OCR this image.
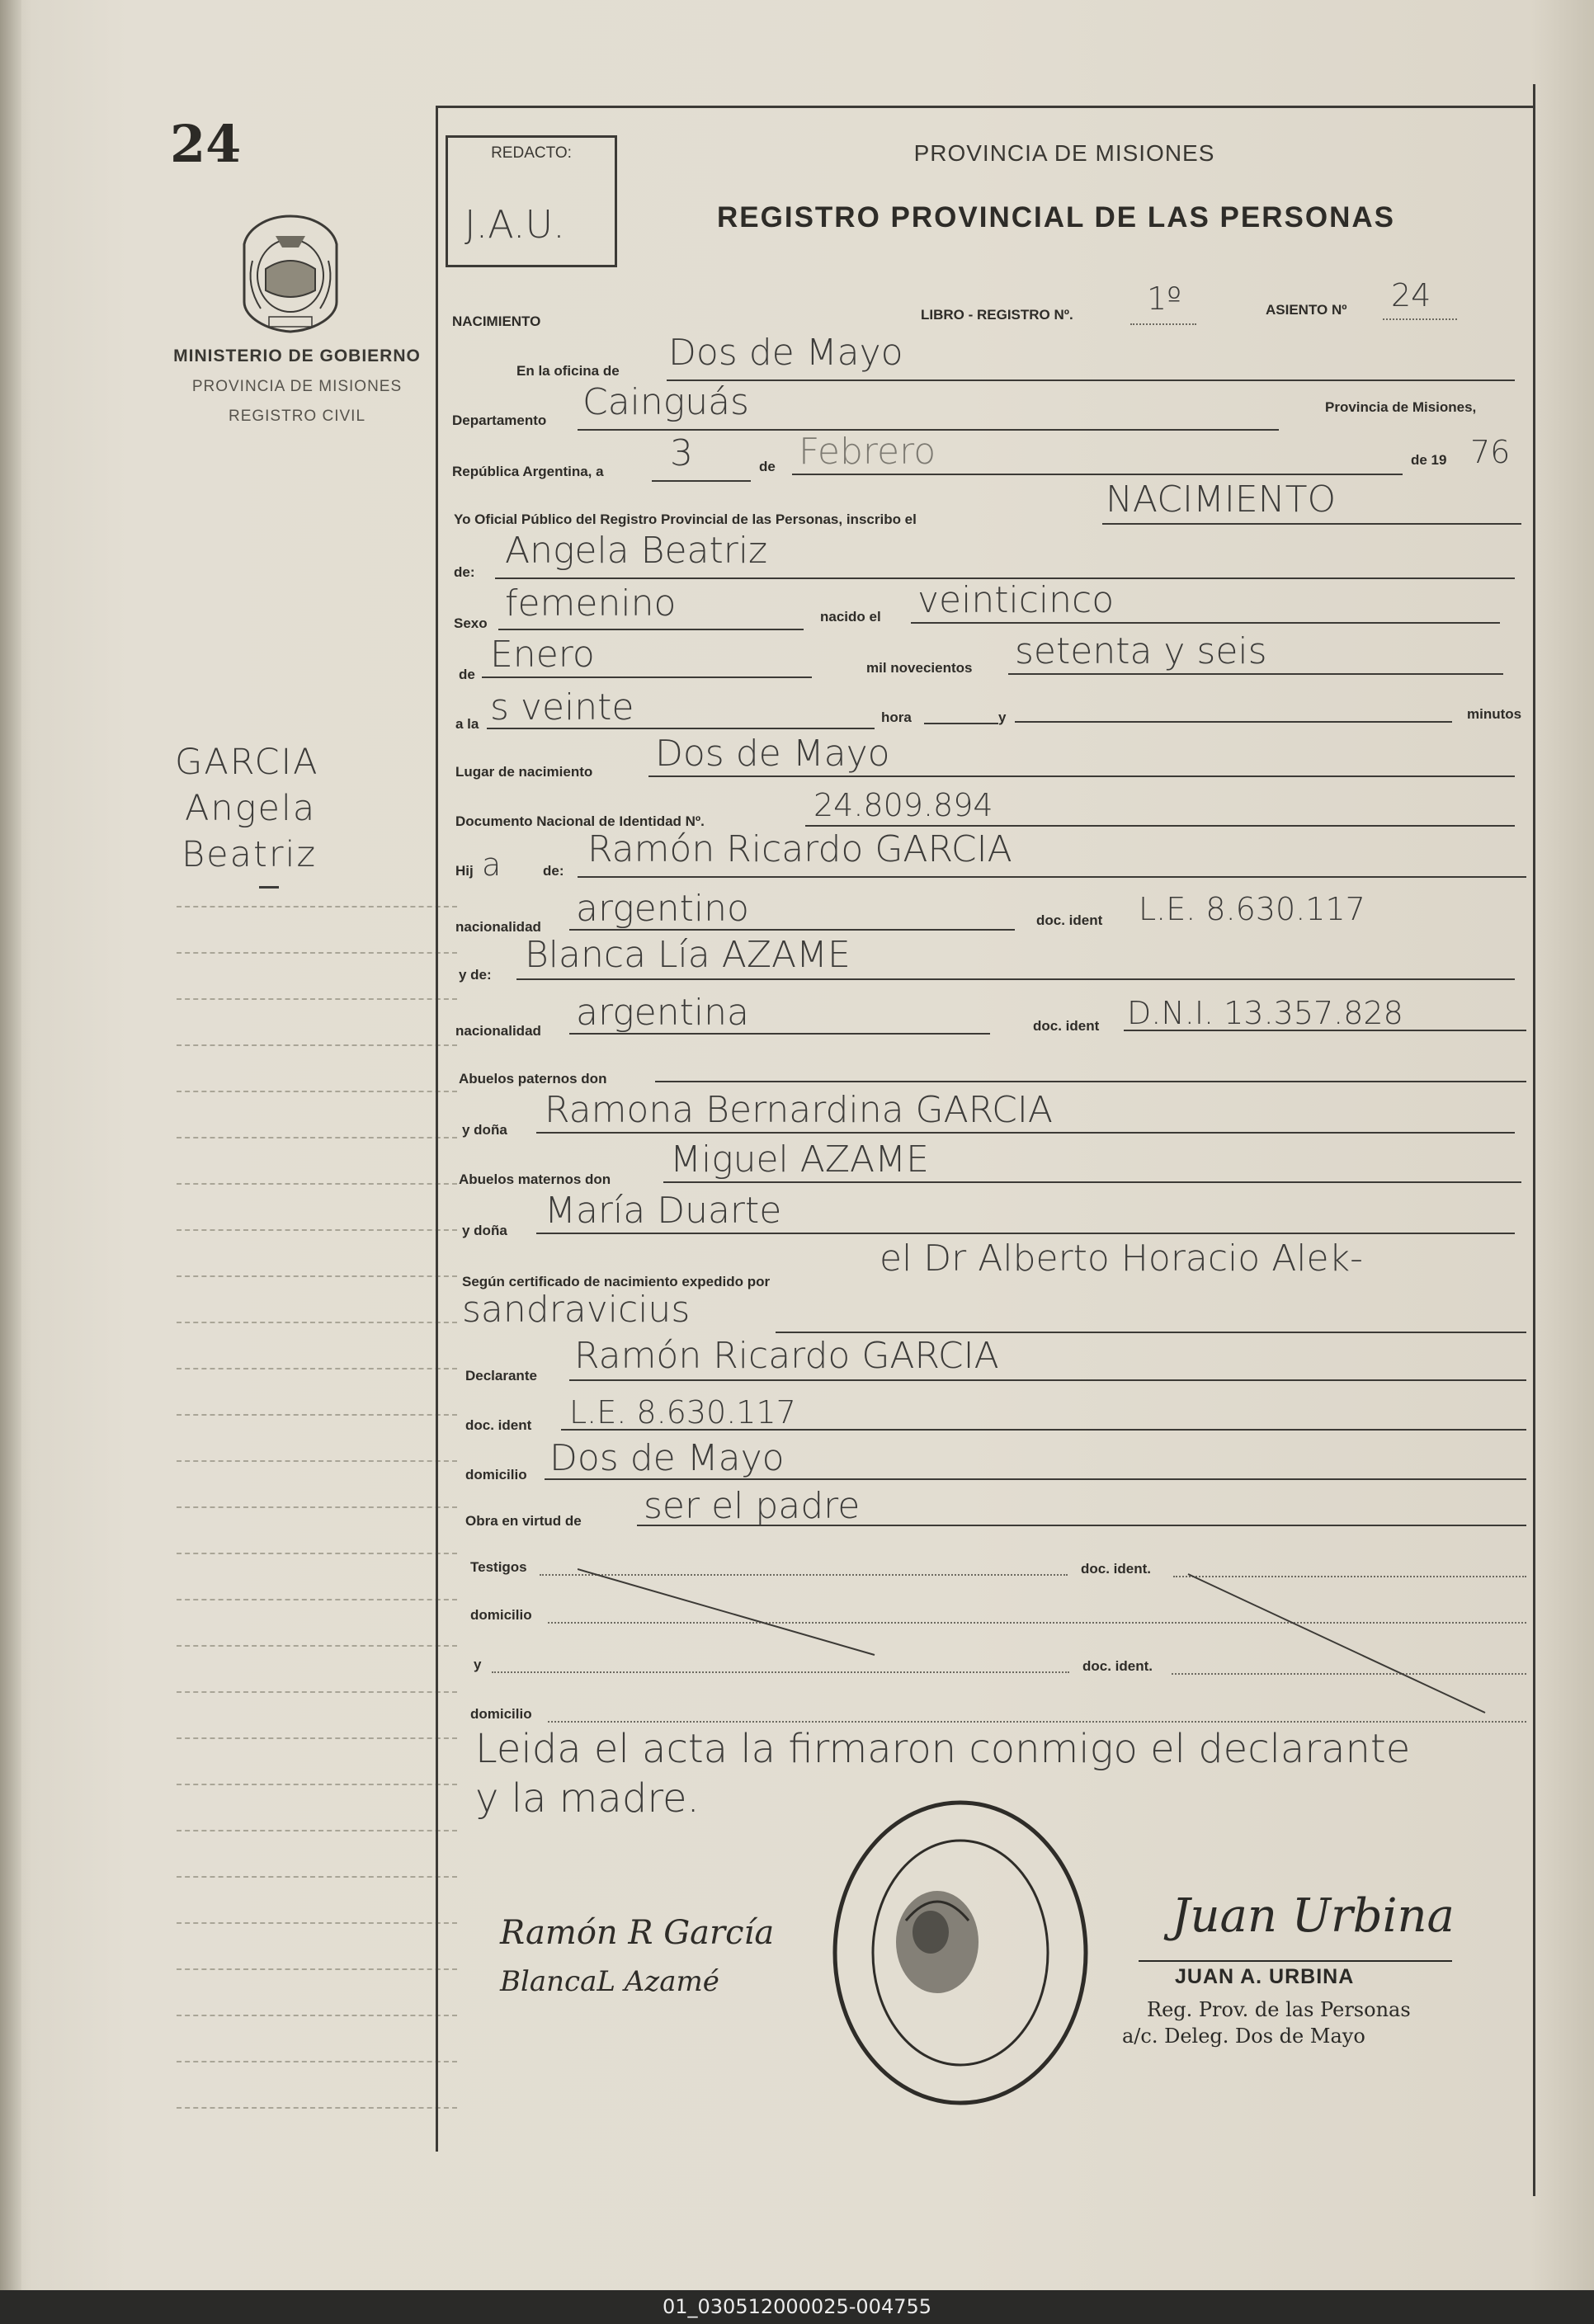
24
MINISTERIO DE GOBIERNO
PROVINCIA DE MISIONES
REGISTRO CIVIL
GARCIA
Angela
Beatriz
REDACTO:
J.A.U.
PROVINCIA DE MISIONES
REGISTRO PROVINCIAL DE LAS PERSONAS
NACIMIENTO	LIBRO - REGISTRO Nº. 1º	ASIENTO Nº 24
En la oficina de Dos de Mayo
Departamento Cainguás	Provincia de Misiones,
República Argentina, a 3	de Febrero	de 19 76
Yo Oficial Público del Registro Provincial de las Personas, inscribo el	NACIMIENTO
de:
Angela Beatriz
Sexo femenino	nacido el veinticinco
de Enero	mil novecientos setenta y seis
a la s veinte	hora	y	minutos
Lugar de nacimiento Dos de Mayo
Documento Nacional de Identidad Nº.	24.809.894
Hij a	de:
Ramón Ricardo GARCIA
nacionalidad argentino	doc. ident L.E. 8.630.117
y de: Blanca Lía AZAME
nacionalidad argentina	doc. ident D.N.I. 13.357.828
Abuelos paternos don
y doña Ramona Bernardina GARCIA
Abuelos maternos don Miguel AZAME
y doña María Duarte
Según certificado de nacimiento expedido por
el Dr Alberto Horacio Alek-
sandravicius
Declarante Ramón Ricardo GARCIA
doc. ident L.E. 8.630.117
domicilio Dos de Mayo
Obra en virtud de ser el padre
Testigos	doc. ident.
domicilio
y	doc. ident.
domicilio
Leida el acta la firmaron conmigo el declarante
y la madre.
Ramón R García
BlancaL Azamé
Juan Urbina
JUAN A. URBINA
Reg. Prov. de las Personas
a/c. Deleg. Dos de Mayo
01_030512000025-004755
